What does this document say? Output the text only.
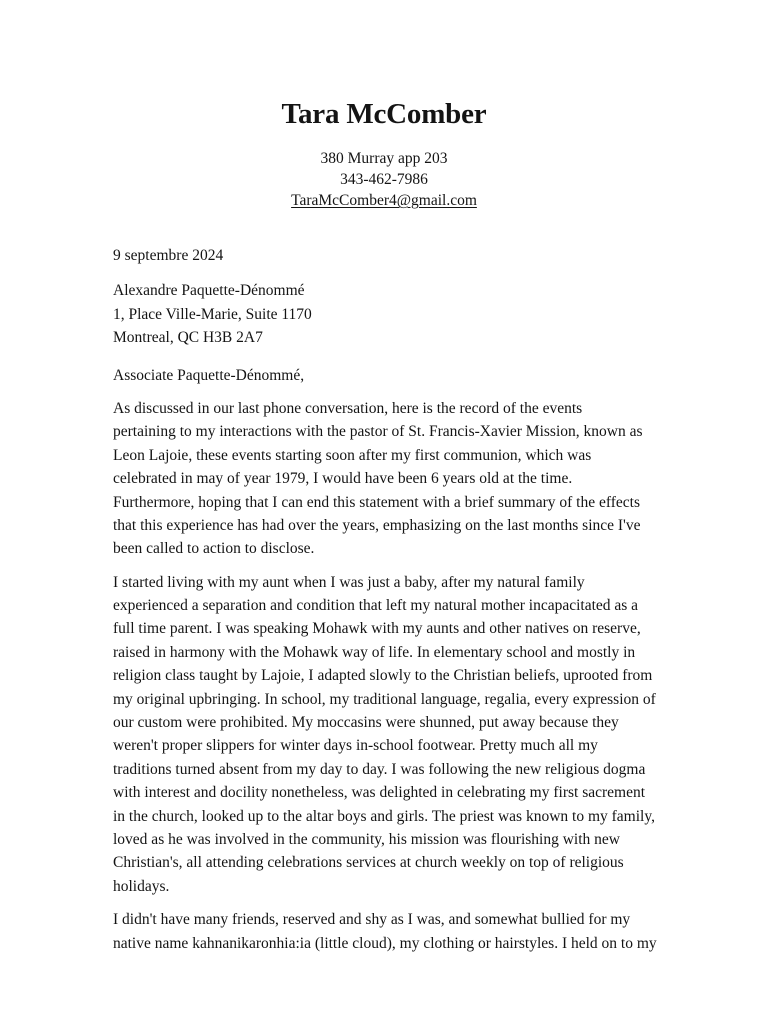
Tara McComber
380 Murray app 203
343-462-7986
TaraMcComber4@gmail.com
9 septembre 2024
Alexandre Paquette-Dénommé
1, Place Ville-Marie, Suite 1170
Montreal, QC H3B 2A7
Associate Paquette-Dénommé,
As discussed in our last phone conversation, here is the record of the events
pertaining to my interactions with the pastor of St. Francis-Xavier Mission, known as
Leon Lajoie, these events starting soon after my first communion, which was
celebrated in may of year 1979, I would have been 6 years old at the time.
Furthermore, hoping that I can end this statement with a brief summary of the effects
that this experience has had over the years, emphasizing on the last months since I've
been called to action to disclose.
I started living with my aunt when I was just a baby, after my natural family
experienced a separation and condition that left my natural mother incapacitated as a
full time parent. I was speaking Mohawk with my aunts and other natives on reserve,
raised in harmony with the Mohawk way of life. In elementary school and mostly in
religion class taught by Lajoie, I adapted slowly to the Christian beliefs, uprooted from
my original upbringing. In school, my traditional language, regalia, every expression of
our custom were prohibited. My moccasins were shunned, put away because they
weren't proper slippers for winter days in-school footwear. Pretty much all my
traditions turned absent from my day to day. I was following the new religious dogma
with interest and docility nonetheless, was delighted in celebrating my first sacrement
in the church, looked up to the altar boys and girls. The priest was known to my family,
loved as he was involved in the community, his mission was flourishing with new
Christian's, all attending celebrations services at church weekly on top of religious
holidays.
I didn't have many friends, reserved and shy as I was, and somewhat bullied for my
native name kahnanikaronhia:ia (little cloud), my clothing or hairstyles. I held on to my
